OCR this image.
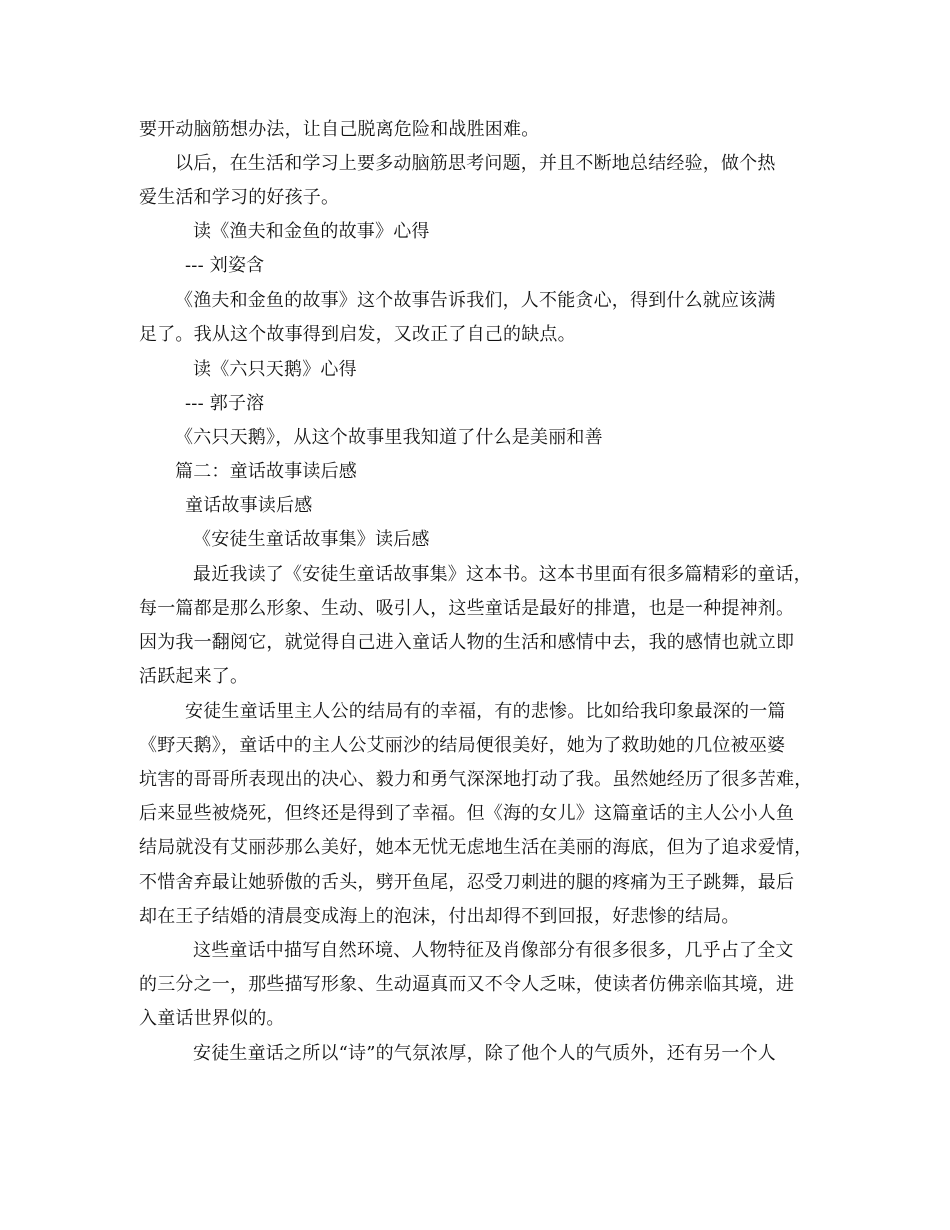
要开动脑筋想办法，让自己脱离危险和战胜困难。
以后，在生活和学习上要多动脑筋思考问题，并且不断地总结经验，做个热
爱生活和学习的好孩子。
读《渔夫和金鱼的故事》心得
--- 刘姿含
《渔夫和金鱼的故事》这个故事告诉我们，人不能贪心，得到什么就应该满
足了。我从这个故事得到启发，又改正了自己的缺点。
读《六只天鹅》心得
--- 郭子溶
《六只天鹅》，从这个故事里我知道了什么是美丽和善
篇二：童话故事读后感
童话故事读后感
《安徒生童话故事集》读后感
最近我读了《安徒生童话故事集》这本书。这本书里面有很多篇精彩的童话，
每一篇都是那么形象、生动、吸引人，这些童话是最好的排遣，也是一种提神剂。
因为我一翻阅它，就觉得自己进入童话人物的生活和感情中去，我的感情也就立即
活跃起来了。
安徒生童话里主人公的结局有的幸福，有的悲惨。比如给我印象最深的一篇
《野天鹅》，童话中的主人公艾丽沙的结局便很美好，她为了救助她的几位被巫婆
坑害的哥哥所表现出的决心、毅力和勇气深深地打动了我。虽然她经历了很多苦难，
后来显些被烧死，但终还是得到了幸福。但《海的女儿》这篇童话的主人公小人鱼
结局就没有艾丽莎那么美好，她本无忧无虑地生活在美丽的海底，但为了追求爱情，
不惜舍弃最让她骄傲的舌头，劈开鱼尾，忍受刀刺进的腿的疼痛为王子跳舞，最后
却在王子结婚的清晨变成海上的泡沫，付出却得不到回报，好悲惨的结局。
这些童话中描写自然环境、人物特征及肖像部分有很多很多，几乎占了全文
的三分之一，那些描写形象、生动逼真而又不令人乏味，使读者仿佛亲临其境，进
入童话世界似的。
安徒生童话之所以“诗”的气氛浓厚，除了他个人的气质外，还有另一个人
